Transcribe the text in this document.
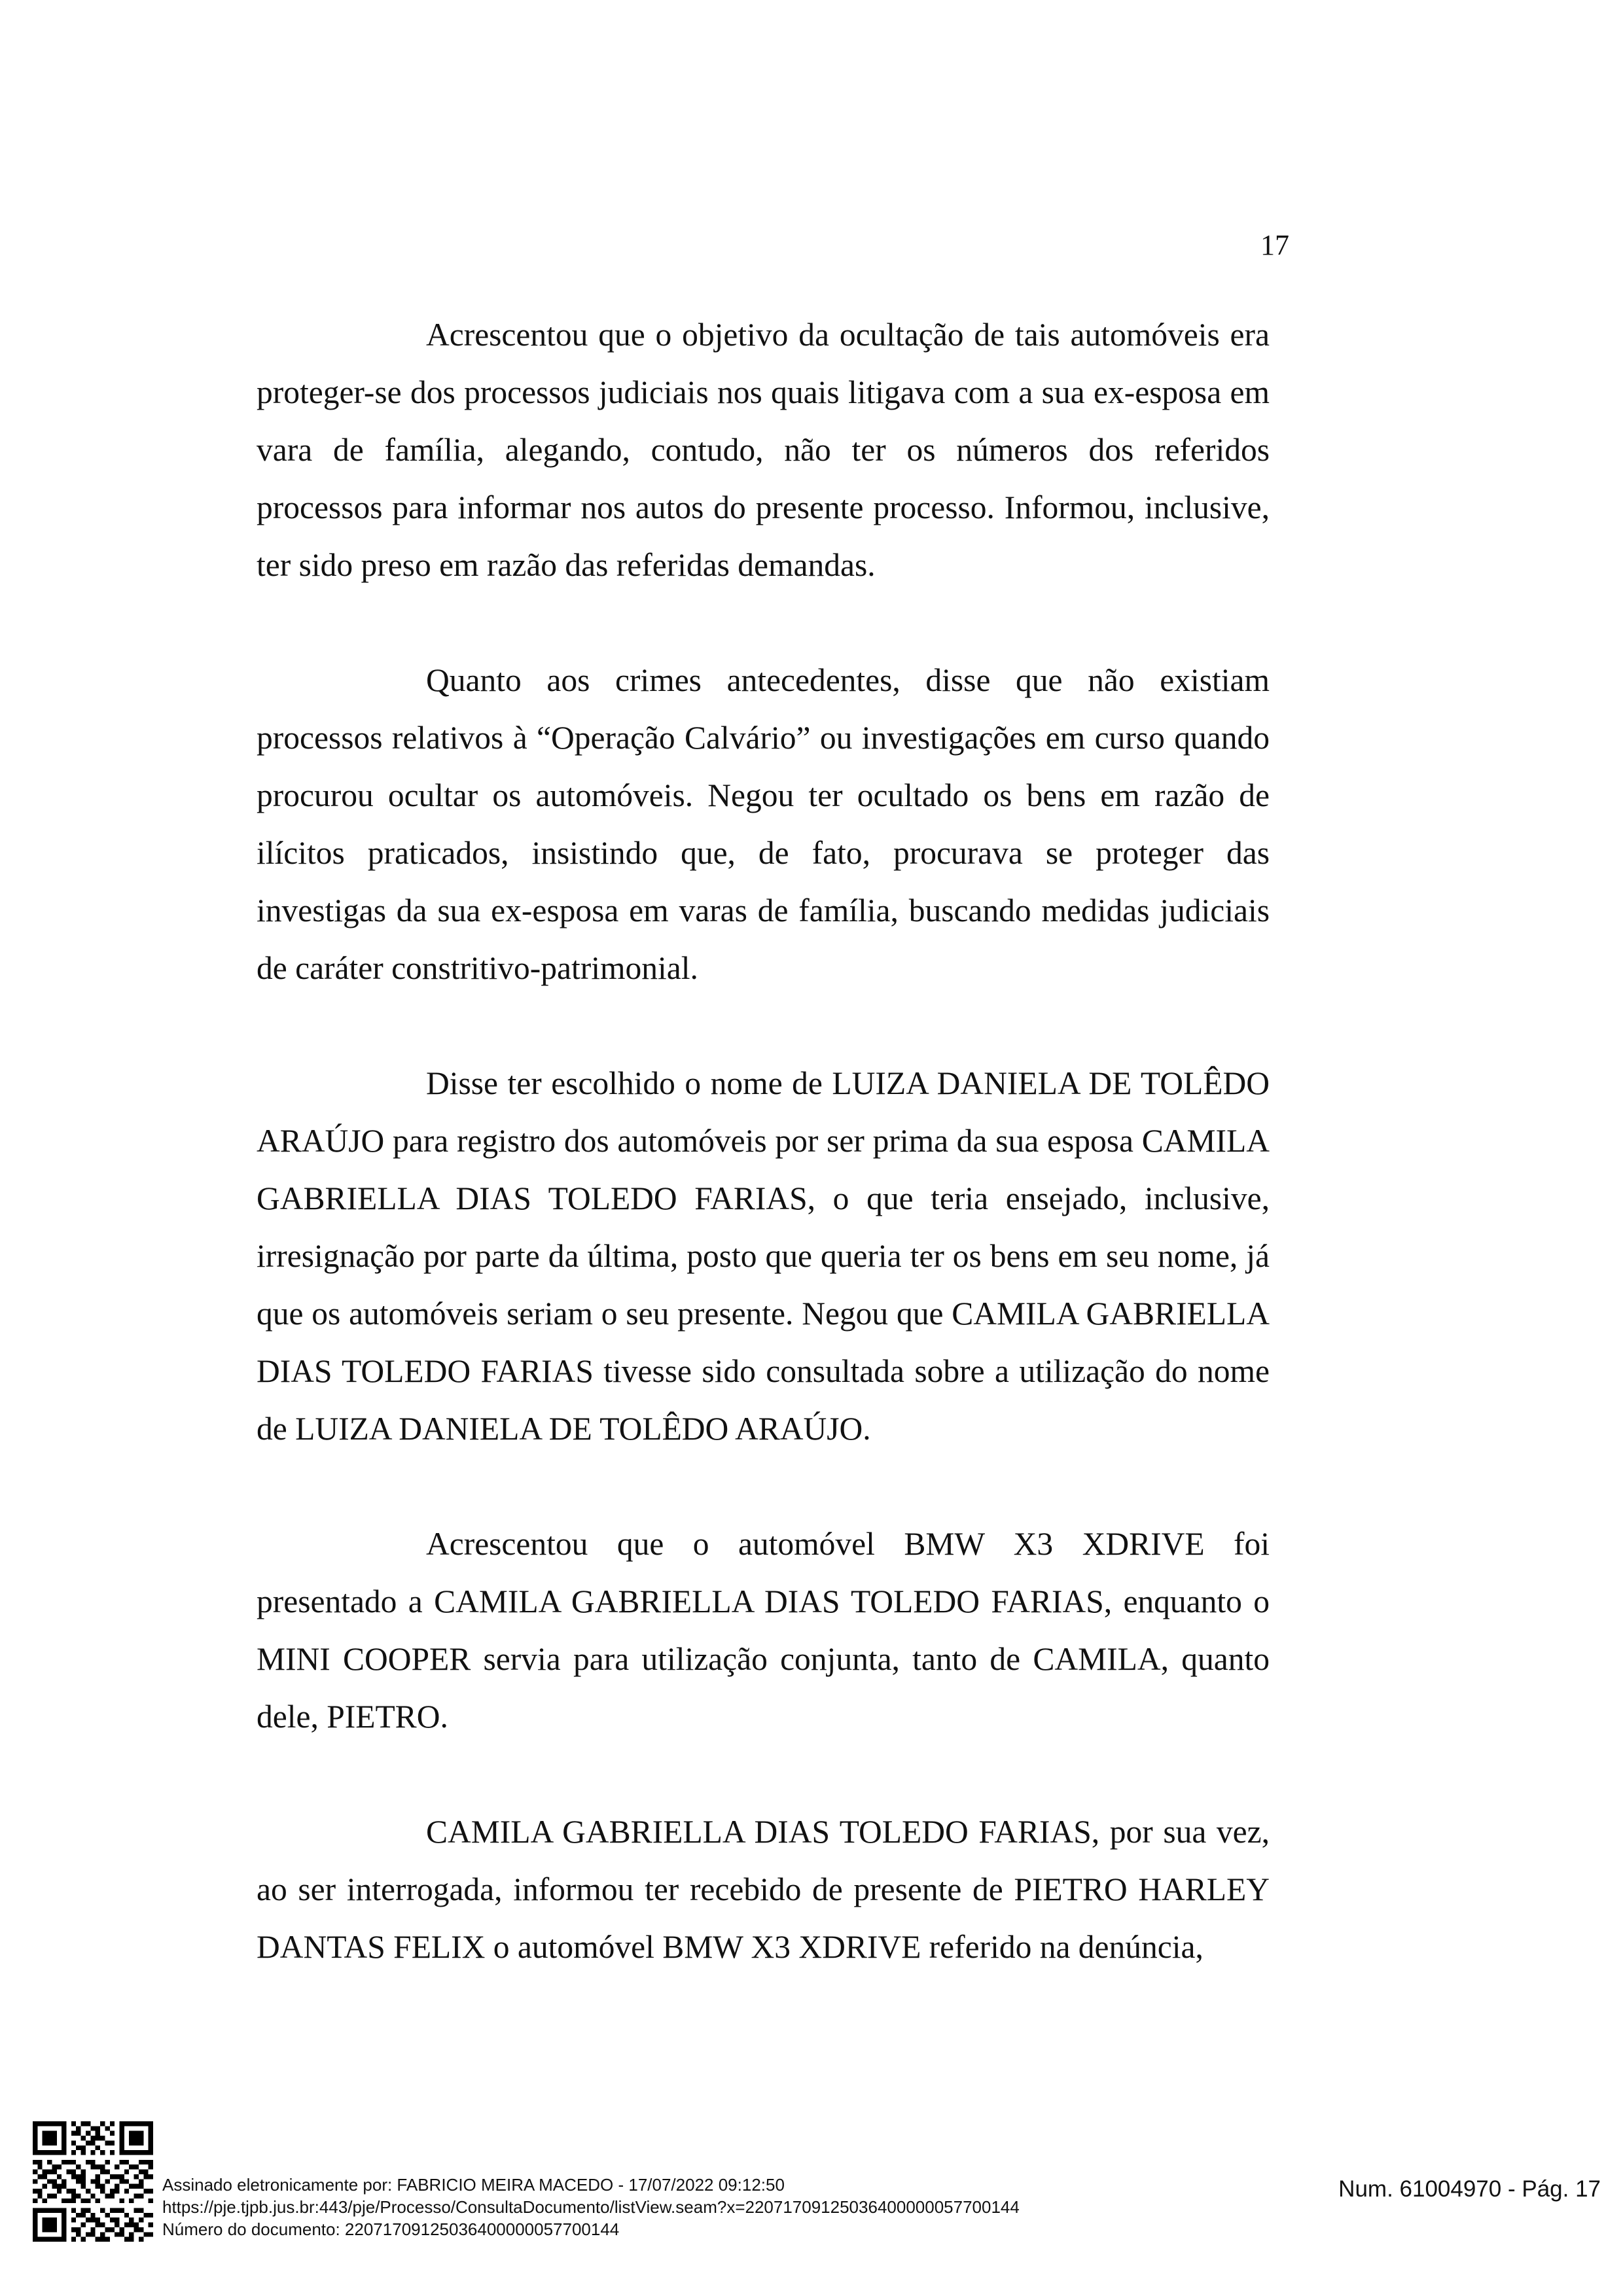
17

Acrescentou que o objetivo da ocultação de tais automóveis era proteger-se dos processos judiciais nos quais litigava com a sua ex-esposa em vara de família, alegando, contudo, não ter os números dos referidos processos para informar nos autos do presente processo. Informou, inclusive, ter sido preso em razão das referidas demandas.

Quanto aos crimes antecedentes, disse que não existiam processos relativos à “Operação Calvário” ou investigações em curso quando procurou ocultar os automóveis. Negou ter ocultado os bens em razão de ilícitos praticados, insistindo que, de fato, procurava se proteger das investigas da sua ex-esposa em varas de família, buscando medidas judiciais de caráter constritivo-patrimonial.

Disse ter escolhido o nome de LUIZA DANIELA DE TOLÊDO ARAÚJO para registro dos automóveis por ser prima da sua esposa CAMILA GABRIELLA DIAS TOLEDO FARIAS, o que teria ensejado, inclusive, irresignação por parte da última, posto que queria ter os bens em seu nome, já que os automóveis seriam o seu presente. Negou que CAMILA GABRIELLA DIAS TOLEDO FARIAS tivesse sido consultada sobre a utilização do nome de LUIZA DANIELA DE TOLÊDO ARAÚJO.

Acrescentou que o automóvel BMW X3 XDRIVE foi presentado a CAMILA GABRIELLA DIAS TOLEDO FARIAS, enquanto o MINI COOPER servia para utilização conjunta, tanto de CAMILA, quanto dele, PIETRO.

CAMILA GABRIELLA DIAS TOLEDO FARIAS, por sua vez, ao ser interrogada, informou ter recebido de presente de PIETRO HARLEY DANTAS FELIX o automóvel BMW X3 XDRIVE referido na denúncia,

Assinado eletronicamente por: FABRICIO MEIRA MACEDO - 17/07/2022 09:12:50
https://pje.tjpb.jus.br:443/pje/Processo/ConsultaDocumento/listView.seam?x=22071709125036400000057700144
Número do documento: 22071709125036400000057700144
Num. 61004970 - Pág. 17
